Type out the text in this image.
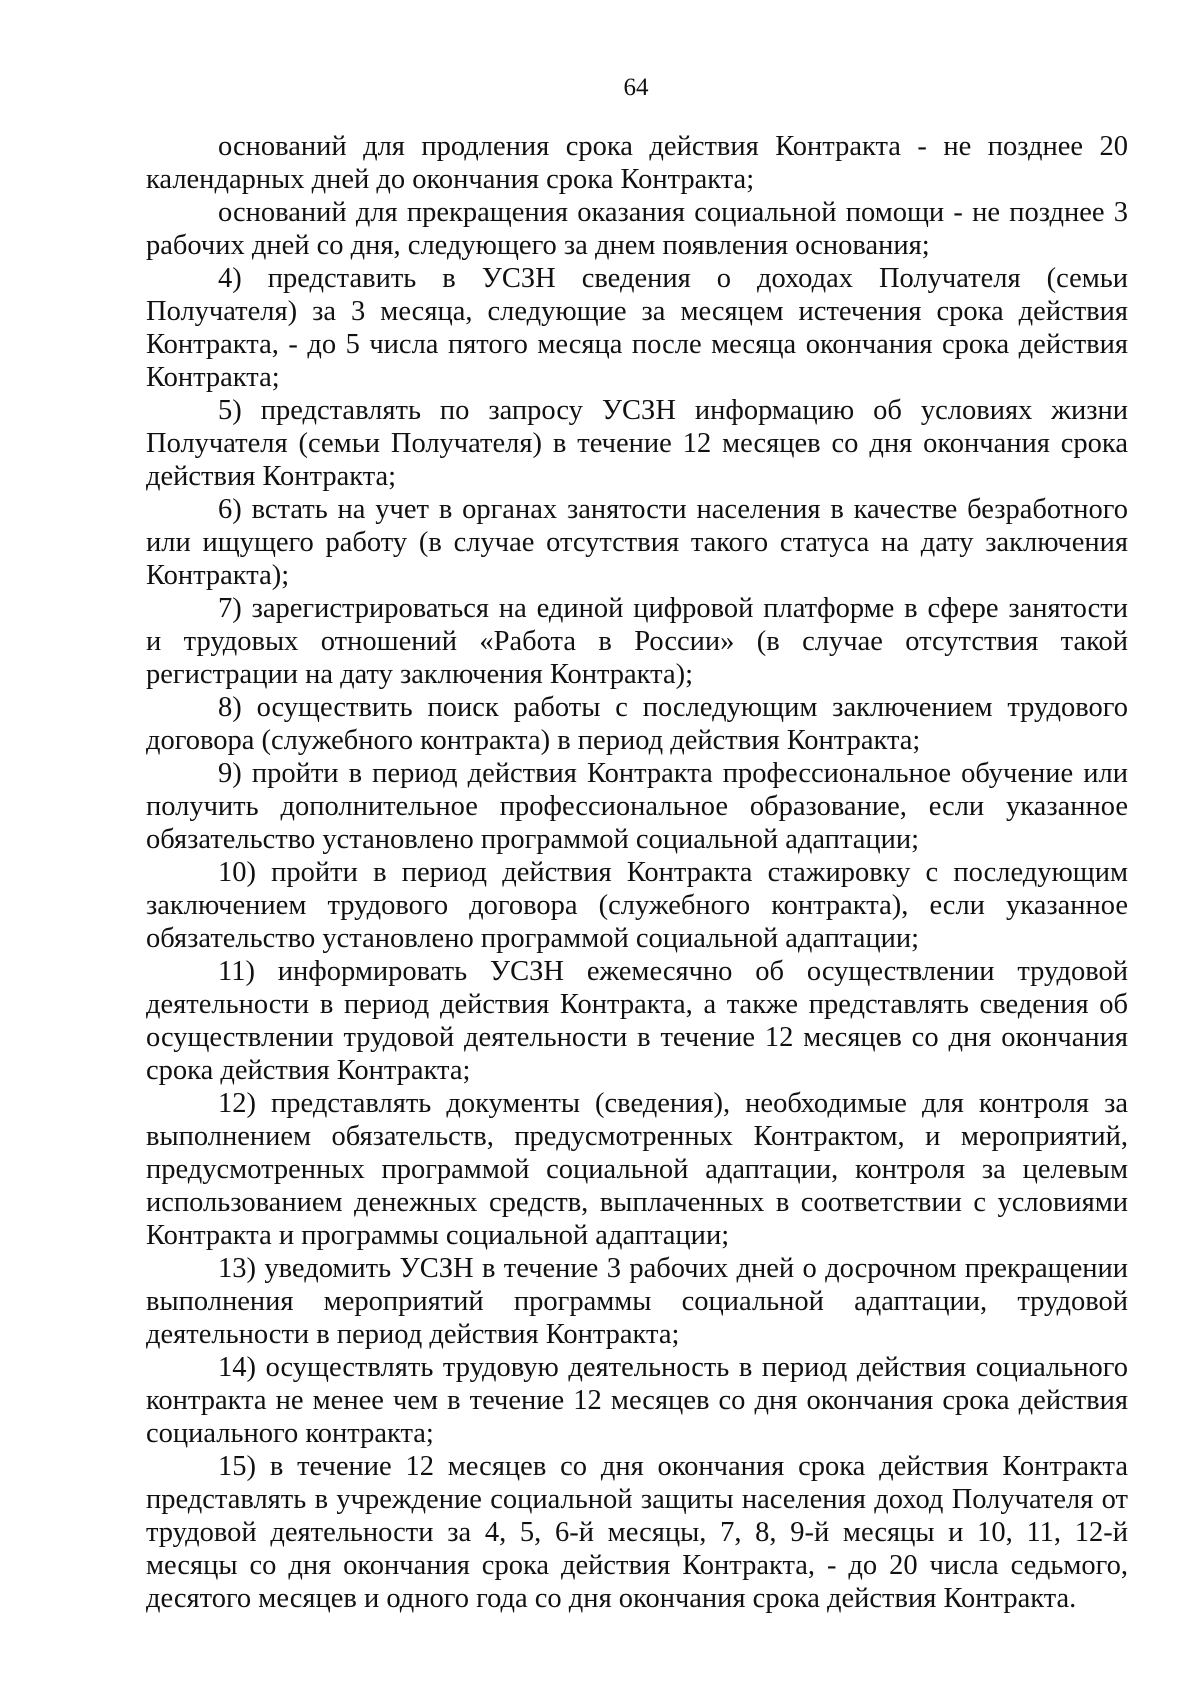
64

оснований для продления срока действия Контракта - не позднее 20 календарных дней до окончания срока Контракта;

оснований для прекращения оказания социальной помощи - не позднее 3 рабочих дней со дня, следующего за днем появления основания;

4) представить в УСЗН сведения о доходах Получателя (семьи Получателя) за 3 месяца, следующие за месяцем истечения срока действия Контракта, - до 5 числа пятого месяца после месяца окончания срока действия Контракта;

5) представлять по запросу УСЗН информацию об условиях жизни Получателя (семьи Получателя) в течение 12 месяцев со дня окончания срока действия Контракта;

6) встать на учет в органах занятости населения в качестве безработного или ищущего работу (в случае отсутствия такого статуса на дату заключения Контракта);

7) зарегистрироваться на единой цифровой платформе в сфере занятости и трудовых отношений «Работа в России» (в случае отсутствия такой регистрации на дату заключения Контракта);

8) осуществить поиск работы с последующим заключением трудового договора (служебного контракта) в период действия Контракта;

9) пройти в период действия Контракта профессиональное обучение или получить дополнительное профессиональное образование, если указанное обязательство установлено программой социальной адаптации;

10) пройти в период действия Контракта стажировку с последующим заключением трудового договора (служебного контракта), если указанное обязательство установлено программой социальной адаптации;

11) информировать УСЗН ежемесячно об осуществлении трудовой деятельности в период действия Контракта, а также представлять сведения об осуществлении трудовой деятельности в течение 12 месяцев со дня окончания срока действия Контракта;

12) представлять документы (сведения), необходимые для контроля за выполнением обязательств, предусмотренных Контрактом, и мероприятий, предусмотренных программой социальной адаптации, контроля за целевым использованием денежных средств, выплаченных в соответствии с условиями Контракта и программы социальной адаптации;

13) уведомить УСЗН в течение 3 рабочих дней о досрочном прекращении выполнения мероприятий программы социальной адаптации, трудовой деятельности в период действия Контракта;

14) осуществлять трудовую деятельность в период действия социального контракта не менее чем в течение 12 месяцев со дня окончания срока действия социального контракта;

15) в течение 12 месяцев со дня окончания срока действия Контракта представлять в учреждение социальной защиты населения доход Получателя от трудовой деятельности за 4, 5, 6-й месяцы, 7, 8, 9-й месяцы и 10, 11, 12-й месяцы со дня окончания срока действия Контракта, - до 20 числа седьмого, десятого месяцев и одного года со дня окончания срока действия Контракта.
